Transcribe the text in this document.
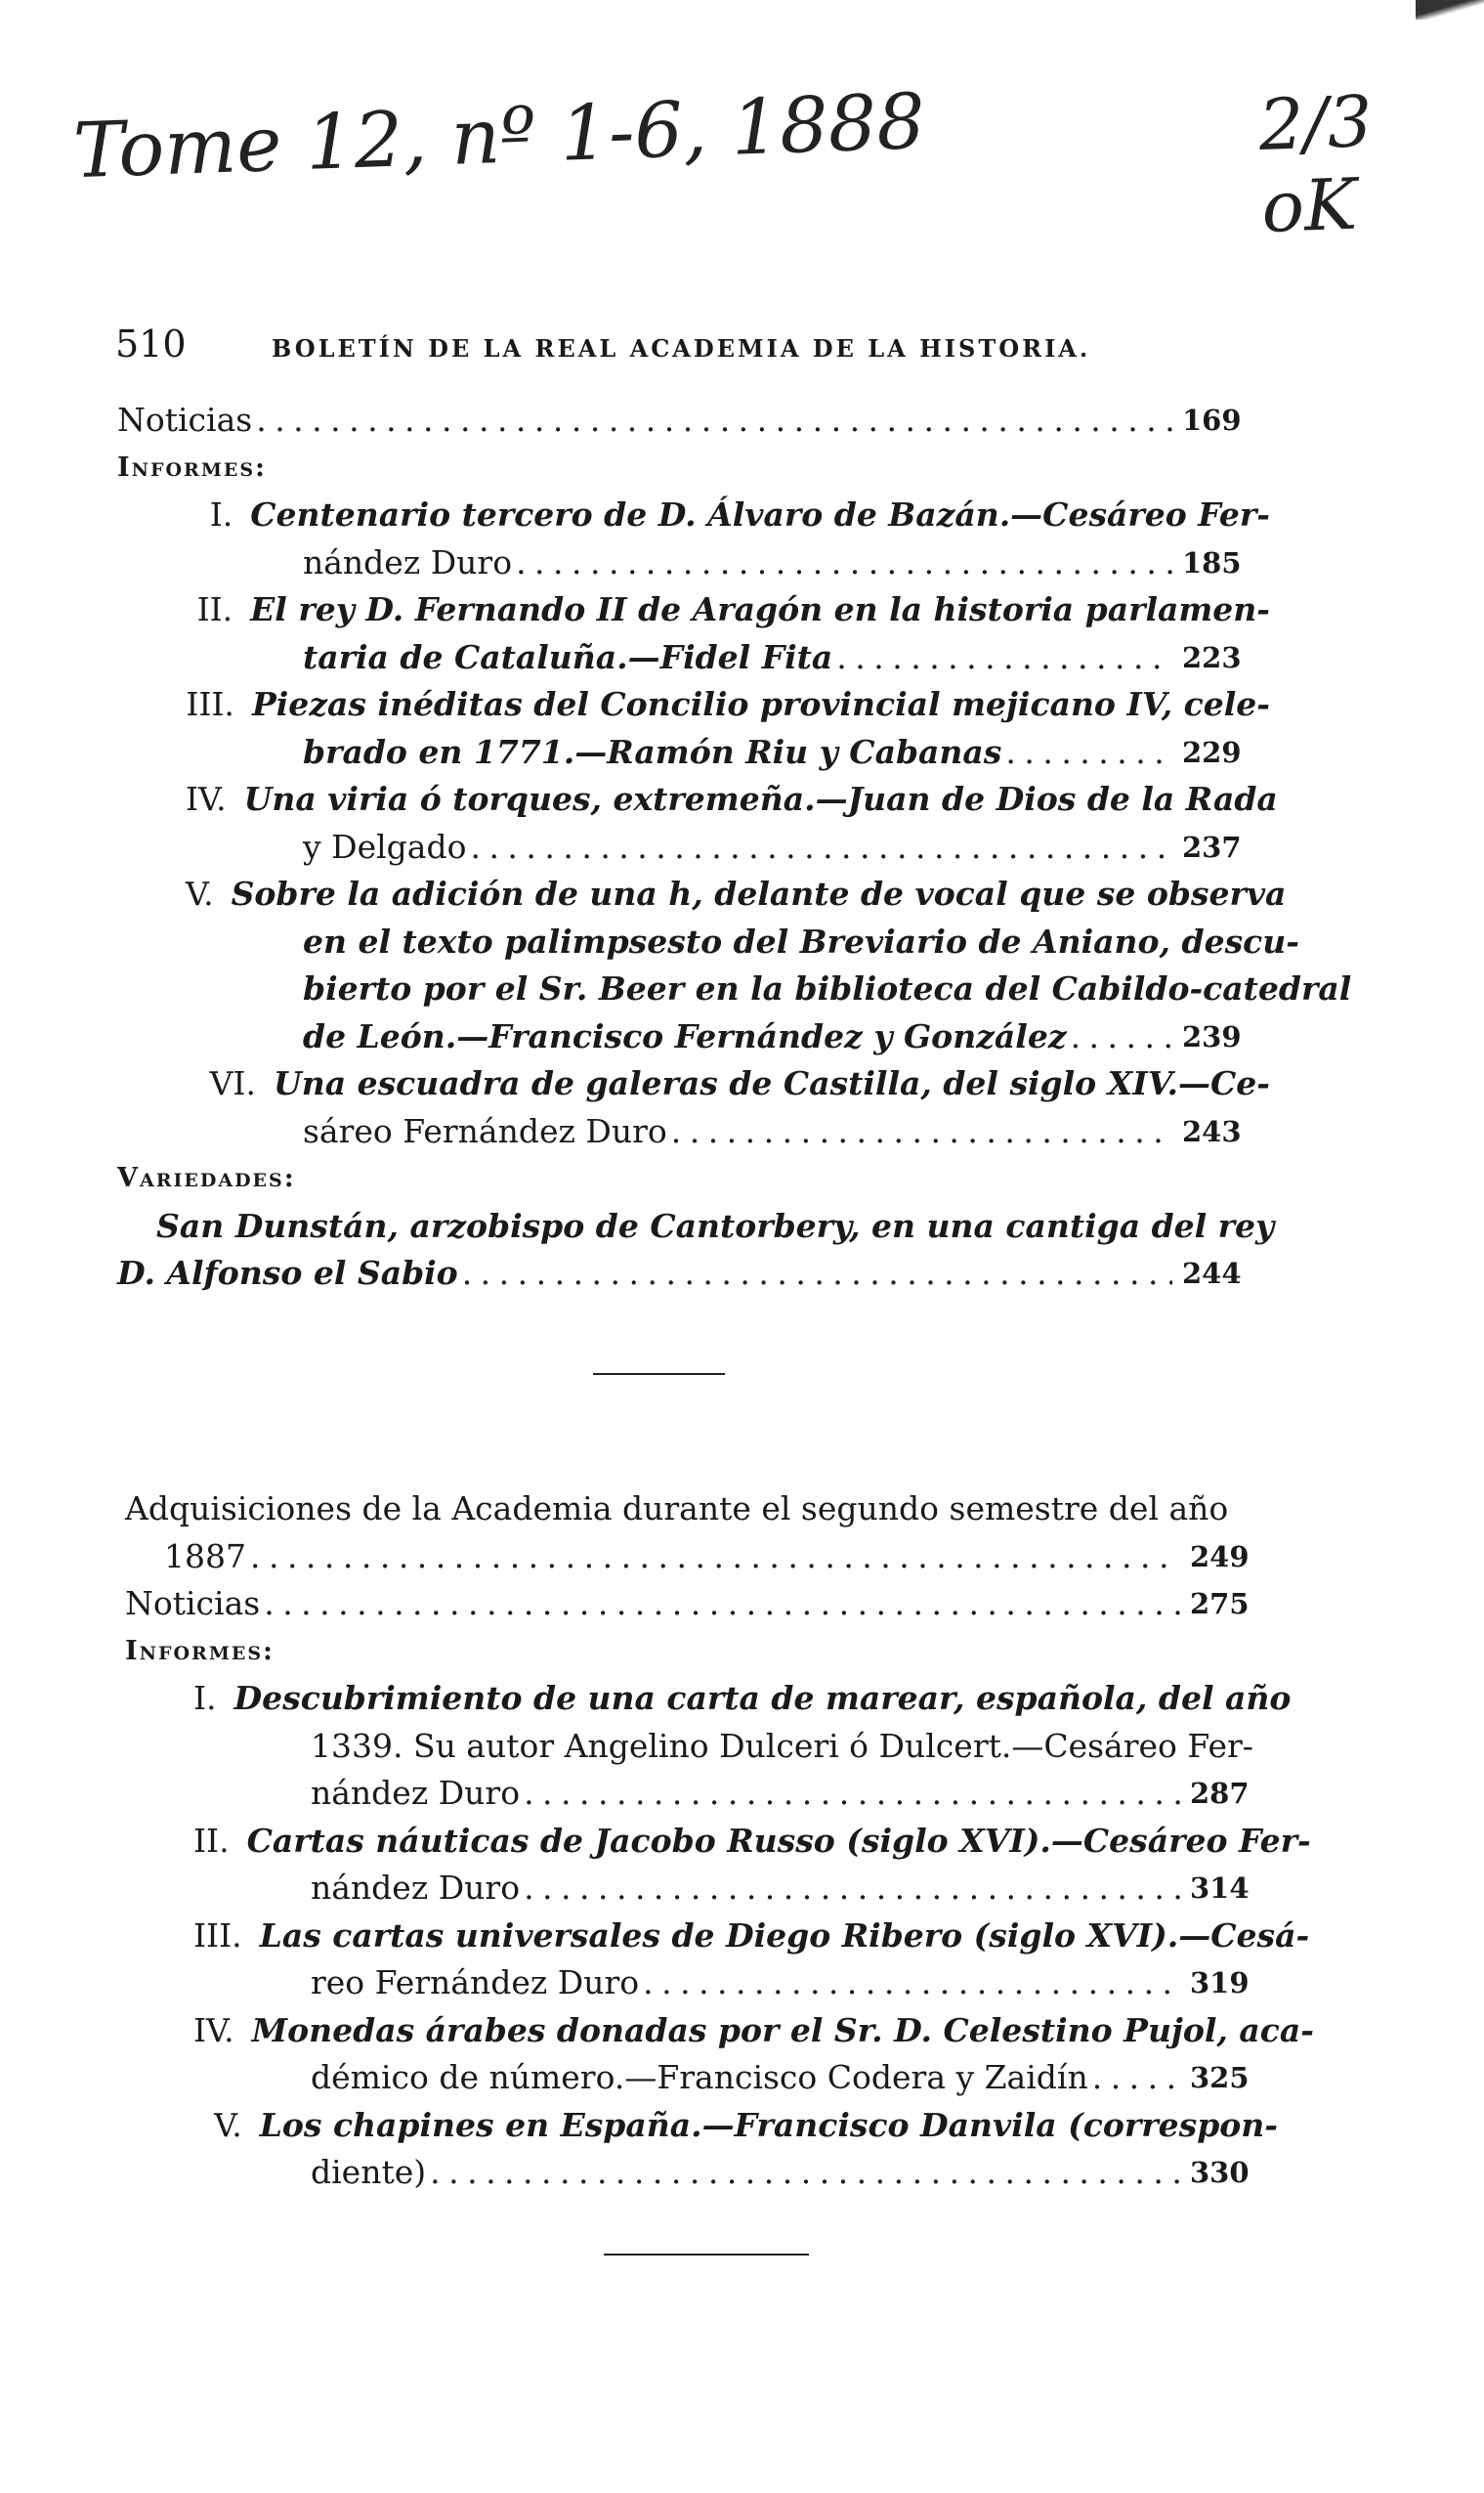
Tome 12, nº 1-6, 1888	2/3 oK
510	BOLETÍN DE LA REAL ACADEMIA DE LA HISTORIA.
Noticias . . .	169
Informes:
I. Centenario tercero de D. Álvaro de Bazán.—Cesáreo Fer-
nández Duro . . .	185
II. El rey D. Fernando II de Aragón en la historia parlamen-
taria de Cataluña.—Fidel Fita . . .	223
III. Piezas inéditas del Concilio provincial mejicano IV, cele-
brado en 1771.—Ramón Riu y Cabanas . . .	229
IV. Una viria ó torques, extremeña.—Juan de Dios de la Rada
y Delgado . . .	237
V. Sobre la adición de una h, delante de vocal que se observa
en el texto palimpsesto del Breviario de Aniano, descu-
bierto por el Sr. Beer en la biblioteca del Cabildo-catedral
de León.—Francisco Fernández y González . . .	239
VI. Una escuadra de galeras de Castilla, del siglo XIV.—Ce-
sáreo Fernández Duro . . .	243
Variedades:
San Dunstán, arzobispo de Cantorbery, en una cantiga del rey
D. Alfonso el Sabio . . .	244
Adquisiciones de la Academia durante el segundo semestre del año
1887 . . .	249
Noticias . . .	275
Informes:
I. Descubrimiento de una carta de marear, española, del año
1339. Su autor Angelino Dulceri ó Dulcert.—Cesáreo Fer-
nández Duro . . .	287
II. Cartas náuticas de Jacobo Russo (siglo XVI).—Cesáreo Fer-
nández Duro . . .	314
III. Las cartas universales de Diego Ribero (siglo XVI).—Cesá-
reo Fernández Duro . . .	319
IV. Monedas árabes donadas por el Sr. D. Celestino Pujol, aca-
démico de número.—Francisco Codera y Zaidín . . .	325
V. Los chapines en España.—Francisco Danvila (correspon-
diente) . . .	330
